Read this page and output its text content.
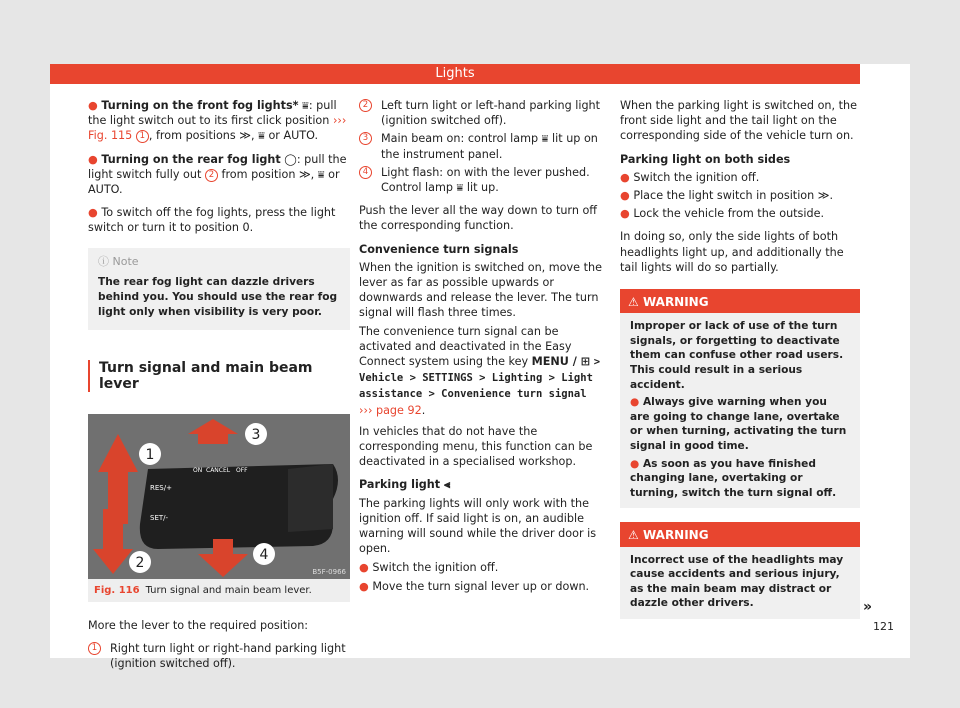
Lights

● Turning on the front fog lights* ⩸: pull the light switch out to its first click position ››› Fig. 115 1 , from positions ≫, ⩸ or AUTO.

● Turning on the rear fog light ◯: pull the light switch fully out 2 from position ≫, ⩸ or AUTO.

● To switch off the fog lights, press the light switch or turn it to position 0.

ⓘ Note
The rear fog light can dazzle drivers behind you. You should use the rear fog light only when visibility is very poor.
Turn signal and main beam lever
RES/+
SET/-
ON CANCEL OFF
1
2
3
4
B5F-0966
Fig. 116 Turn signal and main beam lever.

More the lever to the required position:

1	Right turn light or right-hand parking light (ignition switched off).
2	Left turn light or left-hand parking light (ignition switched off).
3	Main beam on: control lamp ⩸ lit up on the instrument panel.
4	Light flash: on with the lever pushed. Control lamp ⩸ lit up.

Push the lever all the way down to turn off the corresponding function.

Convenience turn signals

When the ignition is switched on, move the lever as far as possible upwards or downwards and release the lever. The turn signal will flash three times.

The convenience turn signal can be activated and deactivated in the Easy Connect system using the key MENU / ⊞ > Vehicle > SETTINGS > Lighting > Light assistance > Convenience turn signal ››› page 92.

In vehicles that do not have the corresponding menu, this function can be deactivated in a specialised workshop.

Parking light ⫷

The parking lights will only work with the ignition off. If said light is on, an audible warning will sound while the driver door is open.

● Switch the ignition off.

● Move the turn signal lever up or down.

When the parking light is switched on, the front side light and the tail light on the corresponding side of the vehicle turn on.

Parking light on both sides

● Switch the ignition off.

● Place the light switch in position ≫.

● Lock the vehicle from the outside.

In doing so, only the side lights of both headlights light up, and additionally the tail lights will do so partially.

⚠ WARNING
Improper or lack of use of the turn signals, or forgetting to deactivate them can confuse other road users. This could result in a serious accident.
● Always give warning when you are going to change lane, overtake or when turning, activating the turn signal in good time.
● As soon as you have finished changing lane, overtaking or turning, switch the turn signal off.
⚠ WARNING
Incorrect use of the headlights may cause accidents and serious injury, as the main beam may distract or dazzle other drivers.	»
121
